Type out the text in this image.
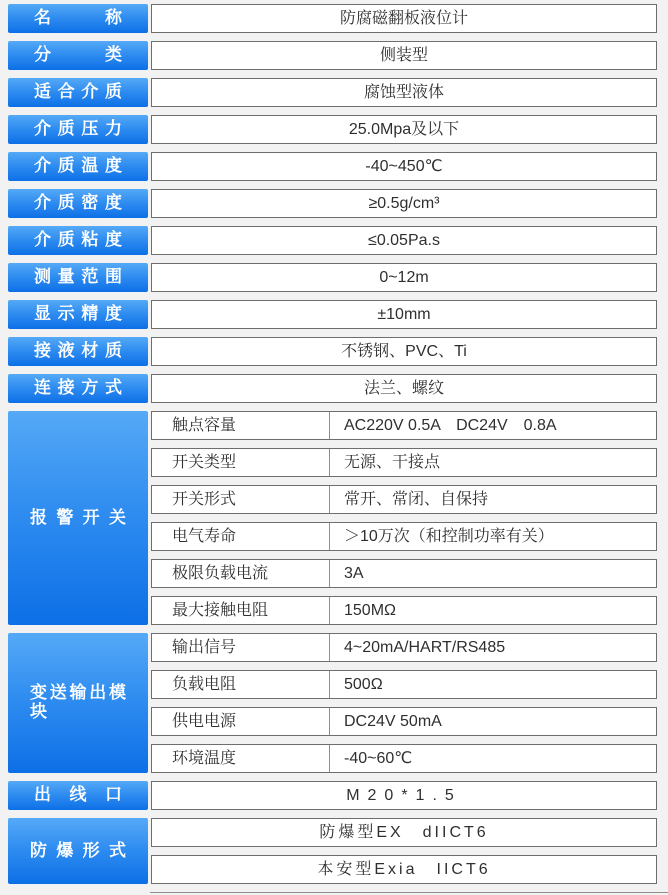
名称	防腐磁翻板液位计
分类	侧装型
适合介质	腐蚀型液体
介质压力	25.0Mpa及以下
介质温度	-40~450℃
介质密度	≥0.5g/cm³
介质粘度	≤0.05Pa.s
测量范围	0~12m
显示精度	±10mm
接液材质	不锈钢、PVC、Ti
连接方式	法兰、螺纹
报警开关
触点容量	AC220V 0.5A　DC24V　0.8A
开关类型	无源、干接点
开关形式	常开、常闭、自保持
电气寿命	＞10万次（和控制功率有关）
极限负载电流	3A
最大接触电阻	150MΩ
变送输出模块
输出信号	4~20mA/HART/RS485
负载电阻	500Ω
供电电源	DC24V 50mA
环境温度	-40~60℃
出线口	M20*1.5
防爆形式
防爆型EX　dIICT6
本安型Exia　IICT6
